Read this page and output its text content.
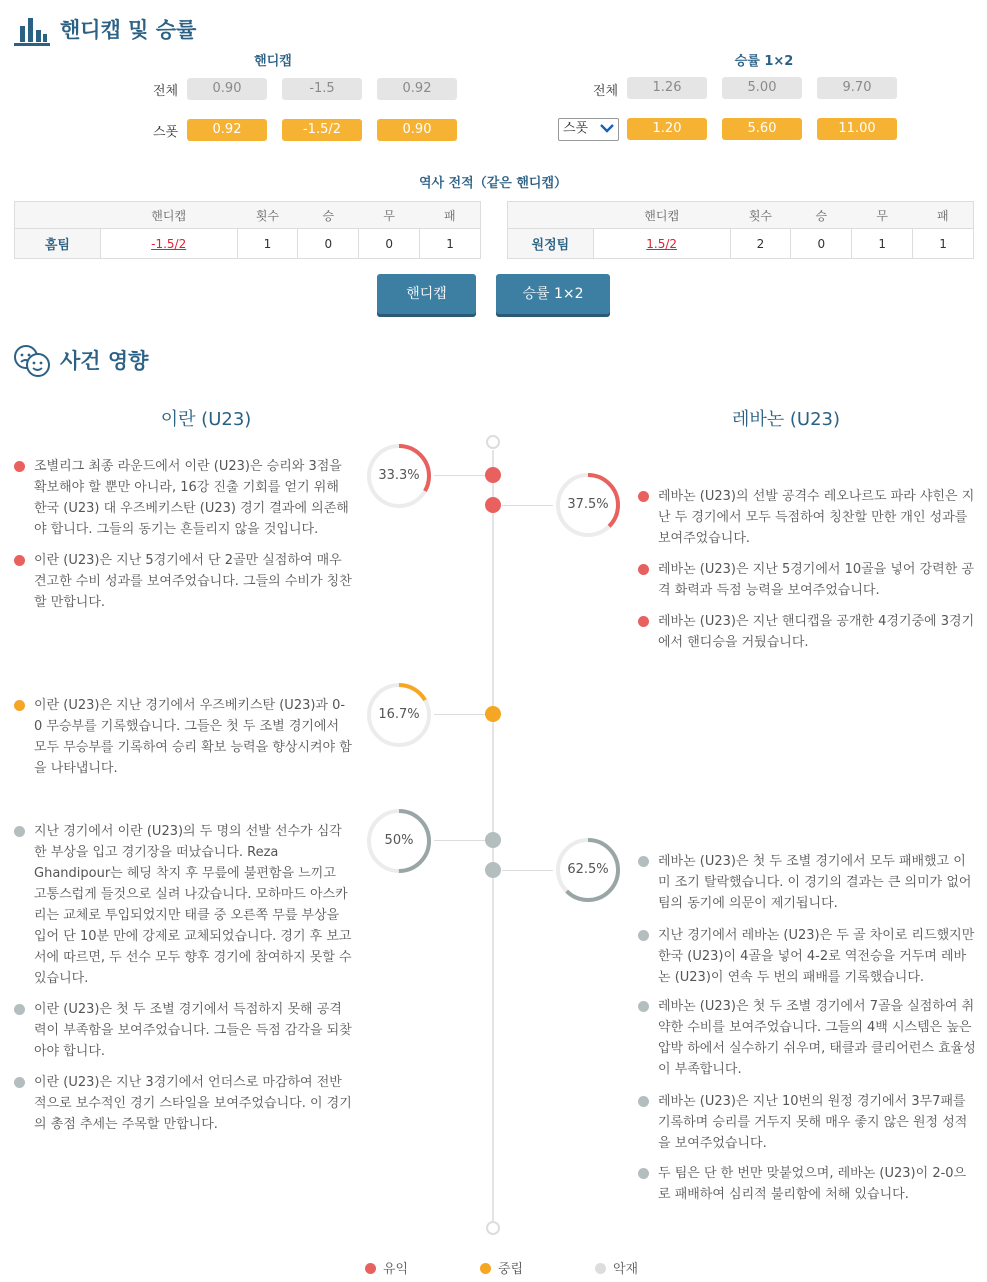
핸디캡 및 승률
핸디캡	승률 1×2
전체	0.90	-1.5	0.92
스폿	0.92	-1.5/2	0.90
전체	1.26	5.00	9.70
스폿	1.20	5.60	11.00
역사 전적（같은 핸디캡）
	핸디캡	횟수	승	무	패
홈팀	-1.5/2	1	0	0	1
	핸디캡	횟수	승	무	패
원정팀	1.5/2	2	0	1	1
핸디캡	승률 1×2
사건 영향
이란 (U23)	레바논 (U23)
33.3%
37.5%
16.7%
50%
62.5%
조별리그 최종 라운드에서 이란 (U23)은 승리와 3점을 확보해야 할 뿐만 아니라, 16강 진출 기회를 얻기 위해 한국 (U23) 대 우즈베키스탄 (U23) 경기 결과에 의존해야 합니다. 그들의 동기는 흔들리지 않을 것입니다.
이란 (U23)은 지난 5경기에서 단 2골만 실점하여 매우 견고한 수비 성과를 보여주었습니다. 그들의 수비가 칭찬할 만합니다.
이란 (U23)은 지난 경기에서 우즈베키스탄 (U23)과 0-0 무승부를 기록했습니다. 그들은 첫 두 조별 경기에서 모두 무승부를 기록하여 승리 확보 능력을 향상시켜야 함을 나타냅니다.
지난 경기에서 이란 (U23)의 두 명의 선발 선수가 심각한 부상을 입고 경기장을 떠났습니다. Reza Ghandipour는 헤딩 착지 후 무릎에 불편함을 느끼고 고통스럽게 들것으로 실려 나갔습니다. 모하마드 아스카리는 교체로 투입되었지만 태클 중 오른쪽 무릎 부상을 입어 단 10분 만에 강제로 교체되었습니다. 경기 후 보고서에 따르면, 두 선수 모두 향후 경기에 참여하지 못할 수 있습니다.
이란 (U23)은 첫 두 조별 경기에서 득점하지 못해 공격력이 부족함을 보여주었습니다. 그들은 득점 감각을 되찾아야 합니다.
이란 (U23)은 지난 3경기에서 언더스로 마감하여 전반적으로 보수적인 경기 스타일을 보여주었습니다. 이 경기의 총점 추세는 주목할 만합니다.
레바논 (U23)의 선발 공격수 레오나르도 파라 샤힌은 지난 두 경기에서 모두 득점하여 칭찬할 만한 개인 성과를 보여주었습니다.
레바논 (U23)은 지난 5경기에서 10골을 넣어 강력한 공격 화력과 득점 능력을 보여주었습니다.
레바논 (U23)은 지난 핸디캡을 공개한 4경기중에 3경기에서 핸디승을 거뒀습니다.
레바논 (U23)은 첫 두 조별 경기에서 모두 패배했고 이미 조기 탈락했습니다. 이 경기의 결과는 큰 의미가 없어 팀의 동기에 의문이 제기됩니다.
지난 경기에서 레바논 (U23)은 두 골 차이로 리드했지만 한국 (U23)이 4골을 넣어 4-2로 역전승을 거두며 레바논 (U23)이 연속 두 번의 패배를 기록했습니다.
레바논 (U23)은 첫 두 조별 경기에서 7골을 실점하여 취약한 수비를 보여주었습니다. 그들의 4백 시스템은 높은 압박 하에서 실수하기 쉬우며, 태클과 클리어런스 효율성이 부족합니다.
레바논 (U23)은 지난 10번의 원정 경기에서 3무7패를 기록하며 승리를 거두지 못해 매우 좋지 않은 원정 성적을 보여주었습니다.
두 팀은 단 한 번만 맞붙었으며, 레바논 (U23)이 2-0으로 패배하여 심리적 불리함에 처해 있습니다.
유익	중립	악재
